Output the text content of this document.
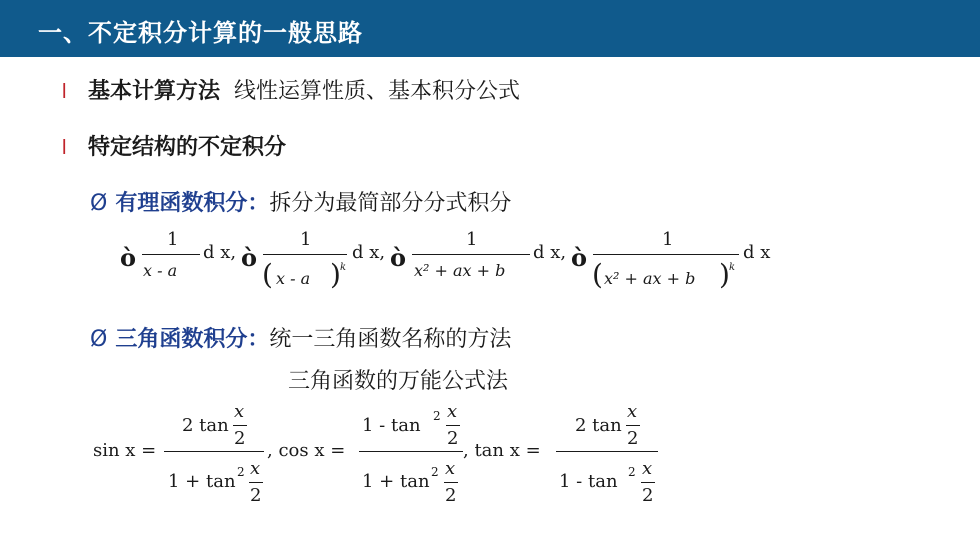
一、不定积分计算的一般思路
l 基本计算方法 线性运算性质、基本积分公式
l 特定结构的不定积分
Ø 有理函数积分：拆分为最简部分分式积分
ò
1
x - a
d x, ò
1
( x - a ) k
d x, ò
1
x² + ax + b
d x, ò
1
( x² + ax + b ) k
d x
Ø 三角函数积分：统一三角函数名称的方法
三角函数的万能公式法
sin x =
2 tan
x
2
1 + tan 2 x
2
, cos x =
1 - tan 2 x
2
1 + tan 2 x
2
, tan x =
2 tan
x
2
1 - tan 2 x
2
